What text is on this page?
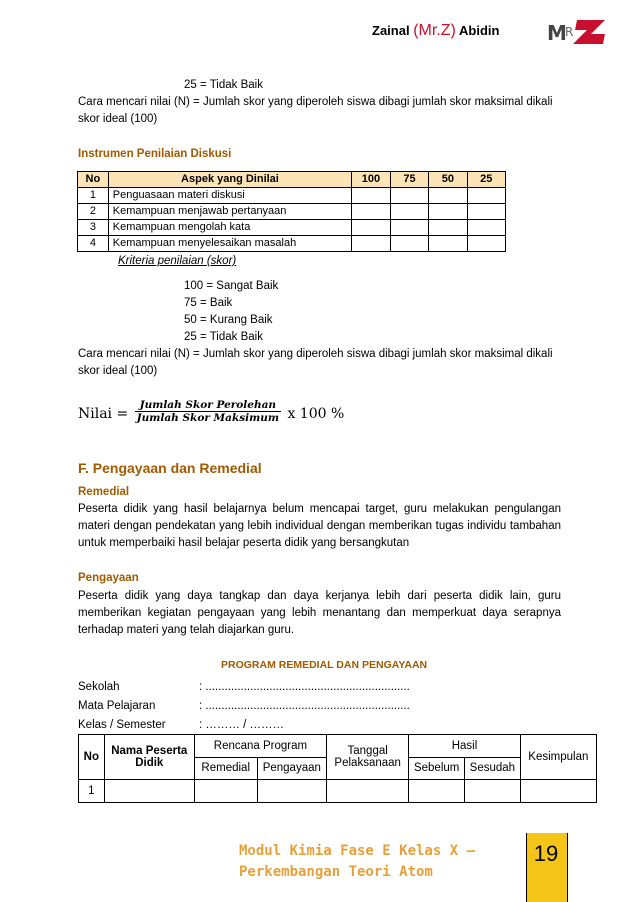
Zainal (Mr.Z) Abidin M
R
25 = Tidak Baik
Cara mencari nilai (N) = Jumlah skor yang diperoleh siswa dibagi jumlah skor maksimal dikali
skor ideal (100)
Instrumen Penilaian Diskusi
No	Aspek yang Dinilai	100	75	50	25
1	Penguasaan materi diskusi				
2	Kemampuan menjawab pertanyaan				
3	Kemampuan mengolah kata				
4	Kemampuan menyelesaikan masalah				
Kriteria penilaian (skor)
100 = Sangat Baik
75 = Baik
50 = Kurang Baik
25 = Tidak Baik
Cara mencari nilai (N) = Jumlah skor yang diperoleh siswa dibagi jumlah skor maksimal dikali
skor ideal (100)
Nilai =
Jumlah Skor Perolehan
Jumlah Skor Maksimum x 100 %
F. Pengayaan dan Remedial
Remedial
Peserta didik yang hasil belajarnya belum mencapai target, guru melakukan pengulangan materi dengan pendekatan yang lebih individual dengan memberikan tugas individu tambahan untuk memperbaiki hasil belajar peserta didik yang bersangkutan
Pengayaan
Peserta didik yang daya tangkap dan daya kerjanya lebih dari peserta didik lain, guru memberikan kegiatan pengayaan yang lebih menantang dan memperkuat daya serapnya terhadap materi yang telah diajarkan guru.
PROGRAM REMEDIAL DAN PENGAYAAN
Sekolah	: ................................................................
Mata Pelajaran	: ................................................................
Kelas / Semester	: ……… / ………
No	Nama Peserta Didik	Rencana Program		Tanggal Pelaksanaan	Hasil		Kesimpulan
		Remedial	Pengayaan		Sebelum	Sesudah	
1							
Modul Kimia Fase E Kelas X –
Perkembangan Teori Atom
19
